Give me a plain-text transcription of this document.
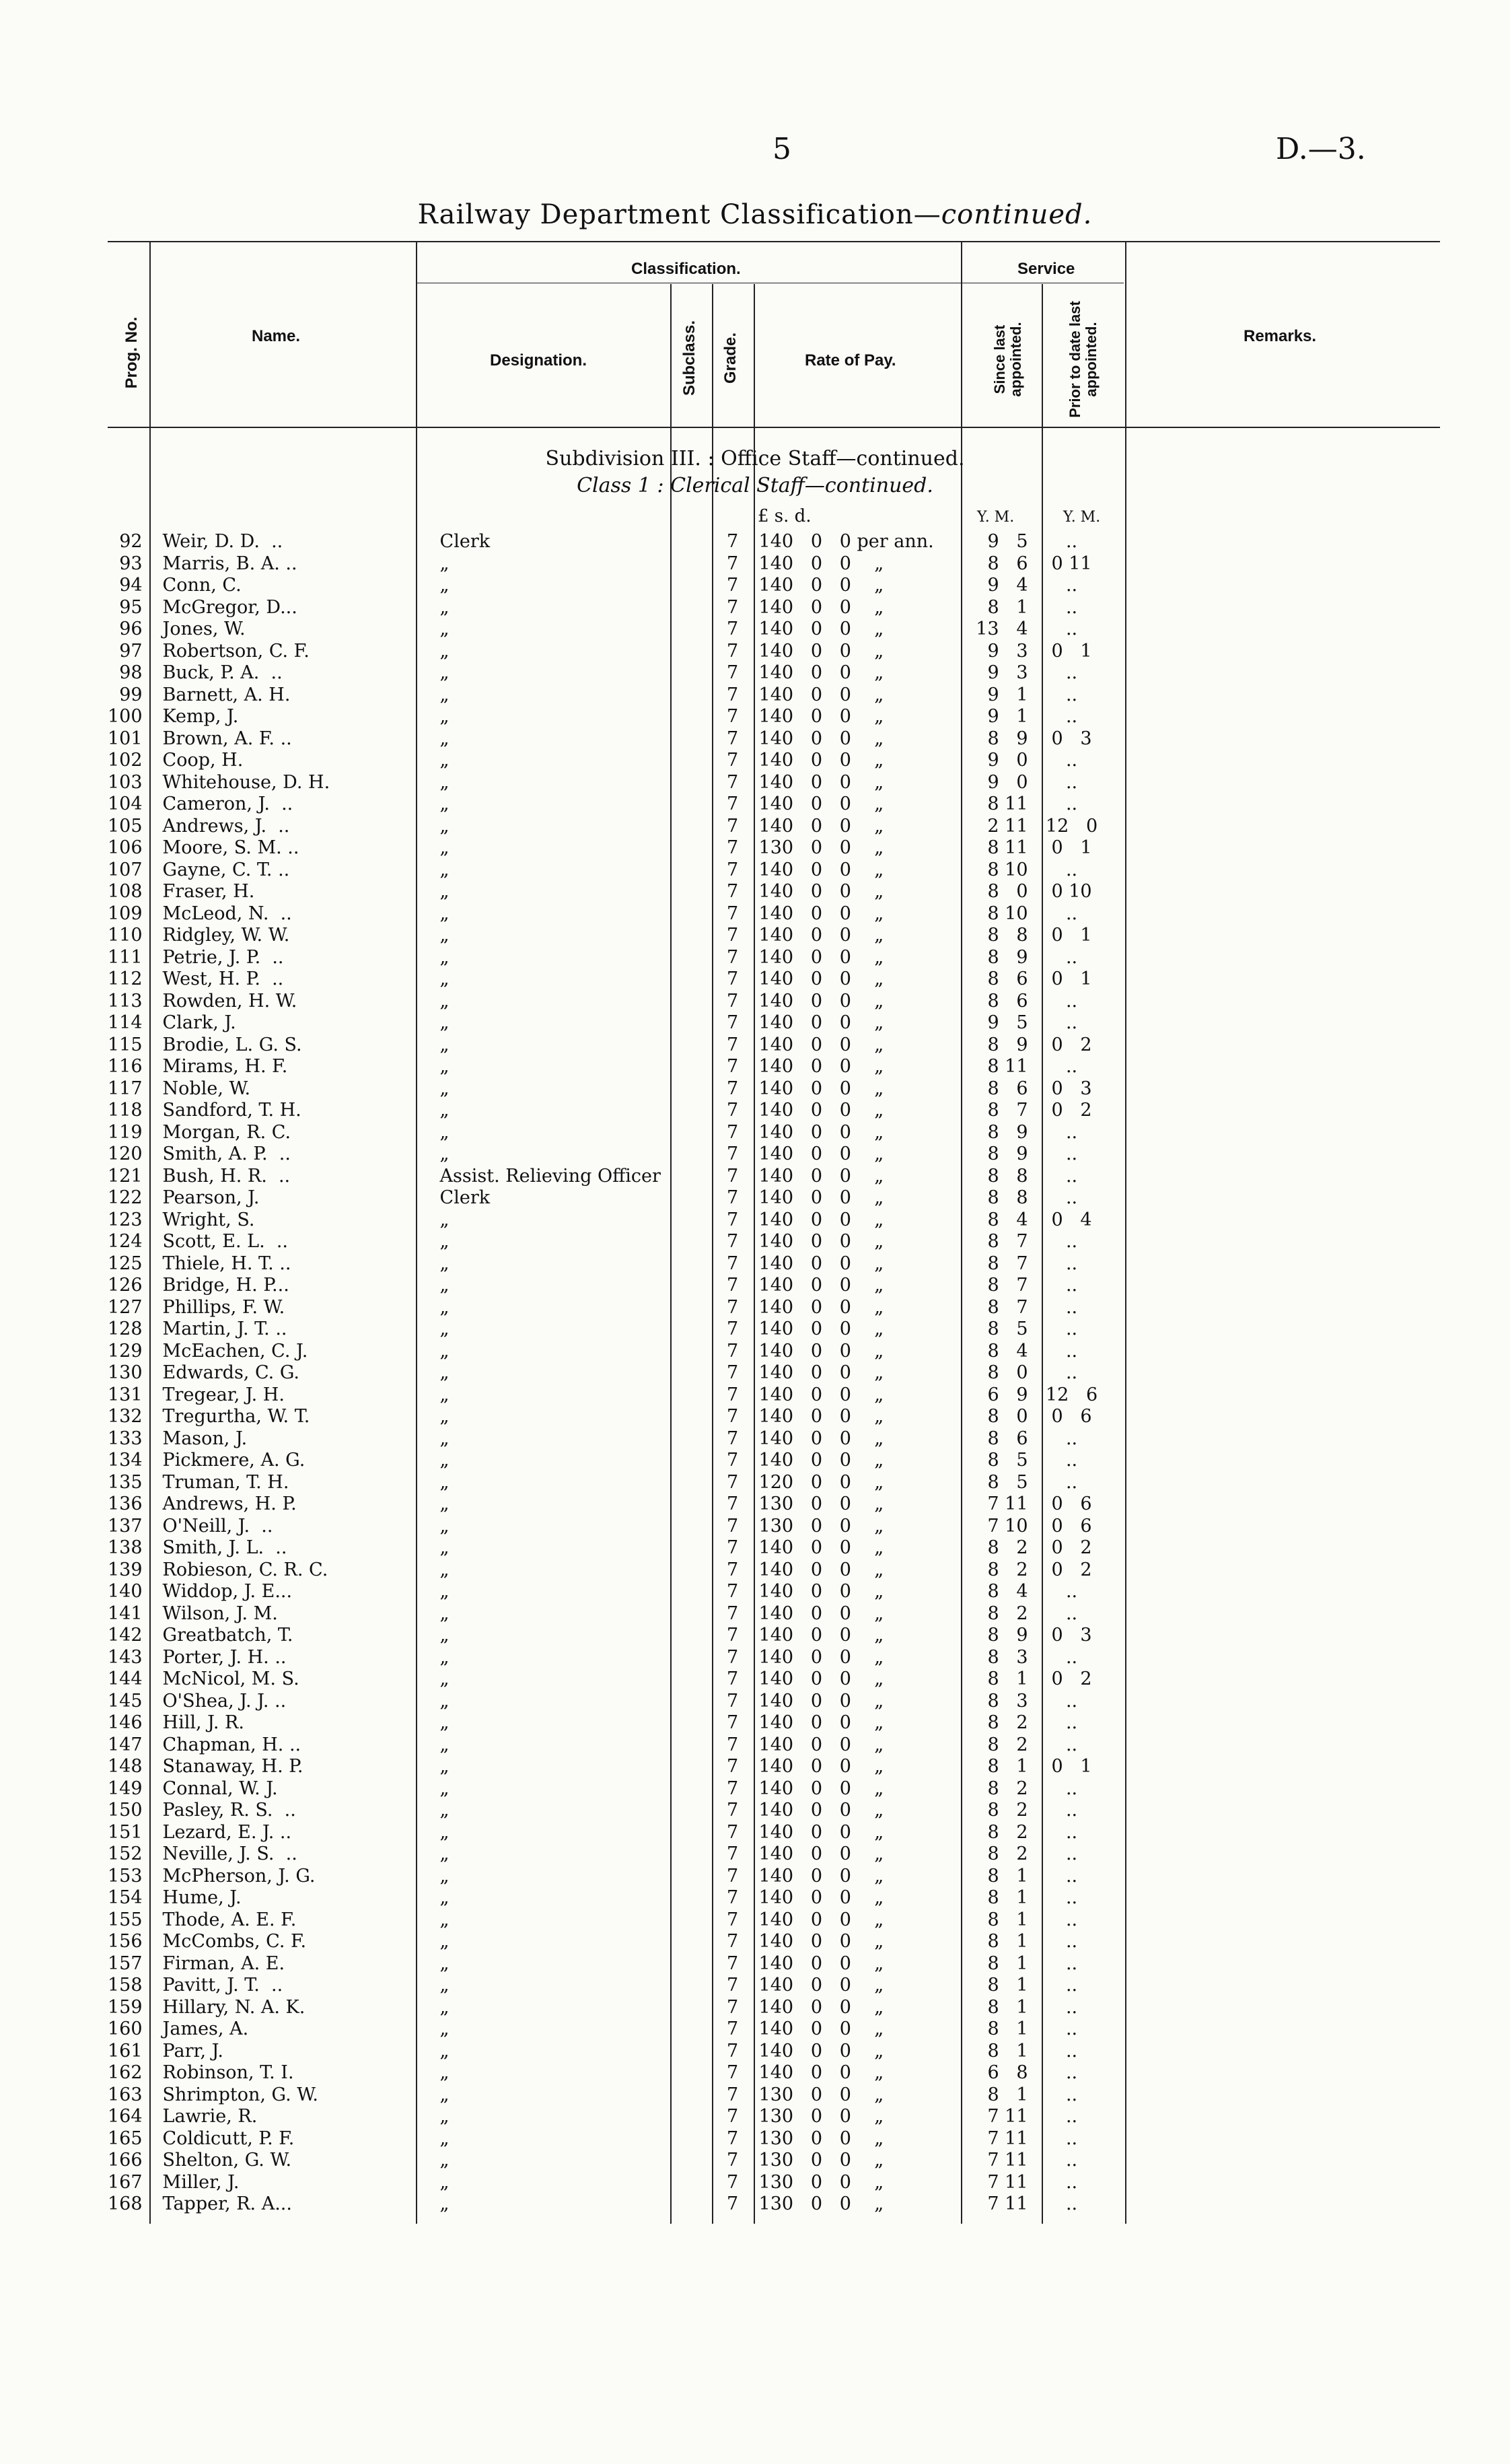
5	D.—3.
Railway Department Classification—continued.
Prog. No.	Name.
Classification.
Designation.	Subclass. Grade.	Rate of Pay.
Service
Since last appointed.	Prior to date last appointed.	Remarks.
Subdivision III. : Office Staff—continued.
Class 1 : Clerical Staff—continued.
£ s. d.	Y. M.	Y. M.
92	Weir, D. D.  ..	Clerk		7	140   0   0 per ann.	9   5	..	
93	Marris, B. A. ..	„		7	140   0   0    „	8   6	0 11	
94	Conn, C.	„		7	140   0   0    „	9   4	..	
95	McGregor, D...	„		7	140   0   0    „	8   1	..	
96	Jones, W.	„		7	140   0   0    „	13   4	..	
97	Robertson, C. F.	„		7	140   0   0    „	9   3	0   1	
98	Buck, P. A.  ..	„		7	140   0   0    „	9   3	..	
99	Barnett, A. H.	„		7	140   0   0    „	9   1	..	
100	Kemp, J.	„		7	140   0   0    „	9   1	..	
101	Brown, A. F. ..	„		7	140   0   0    „	8   9	0   3	
102	Coop, H.	„		7	140   0   0    „	9   0	..	
103	Whitehouse, D. H.	„		7	140   0   0    „	9   0	..	
104	Cameron, J.  ..	„		7	140   0   0    „	8 11	..	
105	Andrews, J.  ..	„		7	140   0   0    „	2 11	12   0	
106	Moore, S. M. ..	„		7	130   0   0    „	8 11	0   1	
107	Gayne, C. T. ..	„		7	140   0   0    „	8 10	..	
108	Fraser, H.	„		7	140   0   0    „	8   0	0 10	
109	McLeod, N.  ..	„		7	140   0   0    „	8 10	..	
110	Ridgley, W. W.	„		7	140   0   0    „	8   8	0   1	
111	Petrie, J. P.  ..	„		7	140   0   0    „	8   9	..	
112	West, H. P.  ..	„		7	140   0   0    „	8   6	0   1	
113	Rowden, H. W.	„		7	140   0   0    „	8   6	..	
114	Clark, J.	„		7	140   0   0    „	9   5	..	
115	Brodie, L. G. S.	„		7	140   0   0    „	8   9	0   2	
116	Mirams, H. F.	„		7	140   0   0    „	8 11	..	
117	Noble, W.	„		7	140   0   0    „	8   6	0   3	
118	Sandford, T. H.	„		7	140   0   0    „	8   7	0   2	
119	Morgan, R. C.	„		7	140   0   0    „	8   9	..	
120	Smith, A. P.  ..	„		7	140   0   0    „	8   9	..	
121	Bush, H. R.  ..	Assist. Relieving Officer		7	140   0   0    „	8   8	..	
122	Pearson, J.	Clerk		7	140   0   0    „	8   8	..	
123	Wright, S.	„		7	140   0   0    „	8   4	0   4	
124	Scott, E. L.  ..	„		7	140   0   0    „	8   7	..	
125	Thiele, H. T. ..	„		7	140   0   0    „	8   7	..	
126	Bridge, H. P...	„		7	140   0   0    „	8   7	..	
127	Phillips, F. W.	„		7	140   0   0    „	8   7	..	
128	Martin, J. T. ..	„		7	140   0   0    „	8   5	..	
129	McEachen, C. J.	„		7	140   0   0    „	8   4	..	
130	Edwards, C. G.	„		7	140   0   0    „	8   0	..	
131	Tregear, J. H.	„		7	140   0   0    „	6   9	12   6	
132	Tregurtha, W. T.	„		7	140   0   0    „	8   0	0   6	
133	Mason, J.	„		7	140   0   0    „	8   6	..	
134	Pickmere, A. G.	„		7	140   0   0    „	8   5	..	
135	Truman, T. H.	„		7	120   0   0    „	8   5	..	
136	Andrews, H. P.	„		7	130   0   0    „	7 11	0   6	
137	O'Neill, J.  ..	„		7	130   0   0    „	7 10	0   6	
138	Smith, J. L.  ..	„		7	140   0   0    „	8   2	0   2	
139	Robieson, C. R. C.	„		7	140   0   0    „	8   2	0   2	
140	Widdop, J. E...	„		7	140   0   0    „	8   4	..	
141	Wilson, J. M.	„		7	140   0   0    „	8   2	..	
142	Greatbatch, T.	„		7	140   0   0    „	8   9	0   3	
143	Porter, J. H. ..	„		7	140   0   0    „	8   3	..	
144	McNicol, M. S.	„		7	140   0   0    „	8   1	0   2	
145	O'Shea, J. J. ..	„		7	140   0   0    „	8   3	..	
146	Hill, J. R.	„		7	140   0   0    „	8   2	..	
147	Chapman, H. ..	„		7	140   0   0    „	8   2	..	
148	Stanaway, H. P.	„		7	140   0   0    „	8   1	0   1	
149	Connal, W. J.	„		7	140   0   0    „	8   2	..	
150	Pasley, R. S.  ..	„		7	140   0   0    „	8   2	..	
151	Lezard, E. J. ..	„		7	140   0   0    „	8   2	..	
152	Neville, J. S.  ..	„		7	140   0   0    „	8   2	..	
153	McPherson, J. G.	„		7	140   0   0    „	8   1	..	
154	Hume, J.	„		7	140   0   0    „	8   1	..	
155	Thode, A. E. F.	„		7	140   0   0    „	8   1	..	
156	McCombs, C. F.	„		7	140   0   0    „	8   1	..	
157	Firman, A. E.	„		7	140   0   0    „	8   1	..	
158	Pavitt, J. T.  ..	„		7	140   0   0    „	8   1	..	
159	Hillary, N. A. K.	„		7	140   0   0    „	8   1	..	
160	James, A.	„		7	140   0   0    „	8   1	..	
161	Parr, J.	„		7	140   0   0    „	8   1	..	
162	Robinson, T. I.	„		7	140   0   0    „	6   8	..	
163	Shrimpton, G. W.	„		7	130   0   0    „	8   1	..	
164	Lawrie, R.	„		7	130   0   0    „	7 11	..	
165	Coldicutt, P. F.	„		7	130   0   0    „	7 11	..	
166	Shelton, G. W.	„		7	130   0   0    „	7 11	..	
167	Miller, J.	„		7	130   0   0    „	7 11	..	
168	Tapper, R. A...	„		7	130   0   0    „	7 11	..	
